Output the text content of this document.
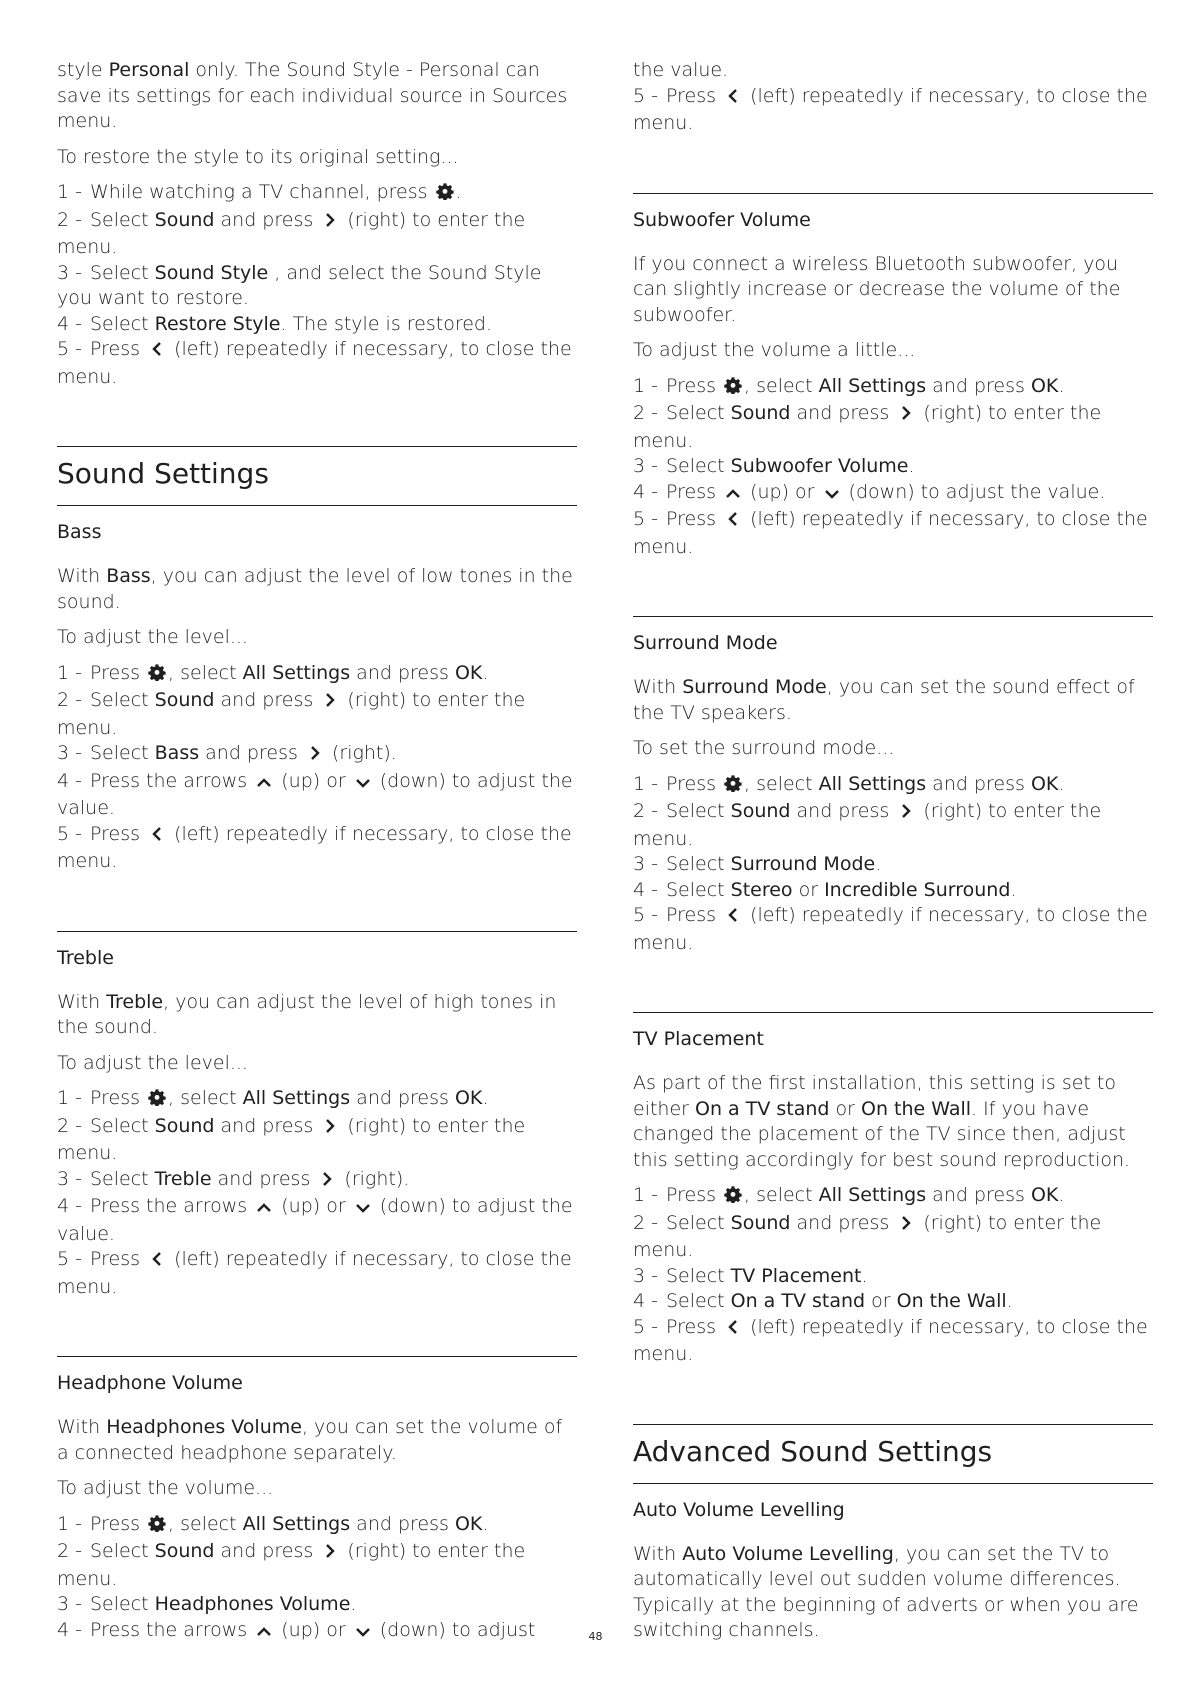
style Personal only. The Sound Style - Personal can save its settings for each individual source in Sources menu.

To restore the style to its original setting...

1 - While watching a TV channel, press .
2 - Select Sound and press  (right) to enter the menu.
3 - Select Sound Style , and select the Sound Style you want to restore.
4 - Select Restore Style. The style is restored.
5 - Press  (left) repeatedly if necessary, to close the menu.
Sound Settings
Bass

With Bass, you can adjust the level of low tones in the sound.

To adjust the level...

1 - Press , select All Settings and press OK.
2 - Select Sound and press  (right) to enter the menu.
3 - Select Bass and press  (right).
4 - Press the arrows  (up) or  (down) to adjust the value.
5 - Press  (left) repeatedly if necessary, to close the menu.
Treble

With Treble, you can adjust the level of high tones in the sound.

To adjust the level...

1 - Press , select All Settings and press OK.
2 - Select Sound and press  (right) to enter the menu.
3 - Select Treble and press  (right).
4 - Press the arrows  (up) or  (down) to adjust the value.
5 - Press  (left) repeatedly if necessary, to close the menu.
Headphone Volume

With Headphones Volume, you can set the volume of a connected headphone separately.

To adjust the volume...

1 - Press , select All Settings and press OK.
2 - Select Sound and press  (right) to enter the menu.
3 - Select Headphones Volume.
4 - Press the arrows  (up) or  (down) to adjust
the value.
5 - Press  (left) repeatedly if necessary, to close the menu.
Subwoofer Volume

If you connect a wireless Bluetooth subwoofer, you can slightly increase or decrease the volume of the subwoofer.

To adjust the volume a little...

1 - Press , select All Settings and press OK.
2 - Select Sound and press  (right) to enter the menu.
3 - Select Subwoofer Volume.
4 - Press  (up) or  (down) to adjust the value.
5 - Press  (left) repeatedly if necessary, to close the menu.
Surround Mode

With Surround Mode, you can set the sound effect of the TV speakers.

To set the surround mode...

1 - Press , select All Settings and press OK.
2 - Select Sound and press  (right) to enter the menu.
3 - Select Surround Mode.
4 - Select Stereo or Incredible Surround.
5 - Press  (left) repeatedly if necessary, to close the menu.
TV Placement

As part of the first installation, this setting is set to either On a TV stand or On the Wall. If you have changed the placement of the TV since then, adjust this setting accordingly for best sound reproduction.

1 - Press , select All Settings and press OK.
2 - Select Sound and press  (right) to enter the menu.
3 - Select TV Placement.
4 - Select On a TV stand or On the Wall.
5 - Press  (left) repeatedly if necessary, to close the menu.
Advanced Sound Settings
Auto Volume Levelling

With Auto Volume Levelling, you can set the TV to automatically level out sudden volume differences. Typically at the beginning of adverts or when you are switching channels.

48
